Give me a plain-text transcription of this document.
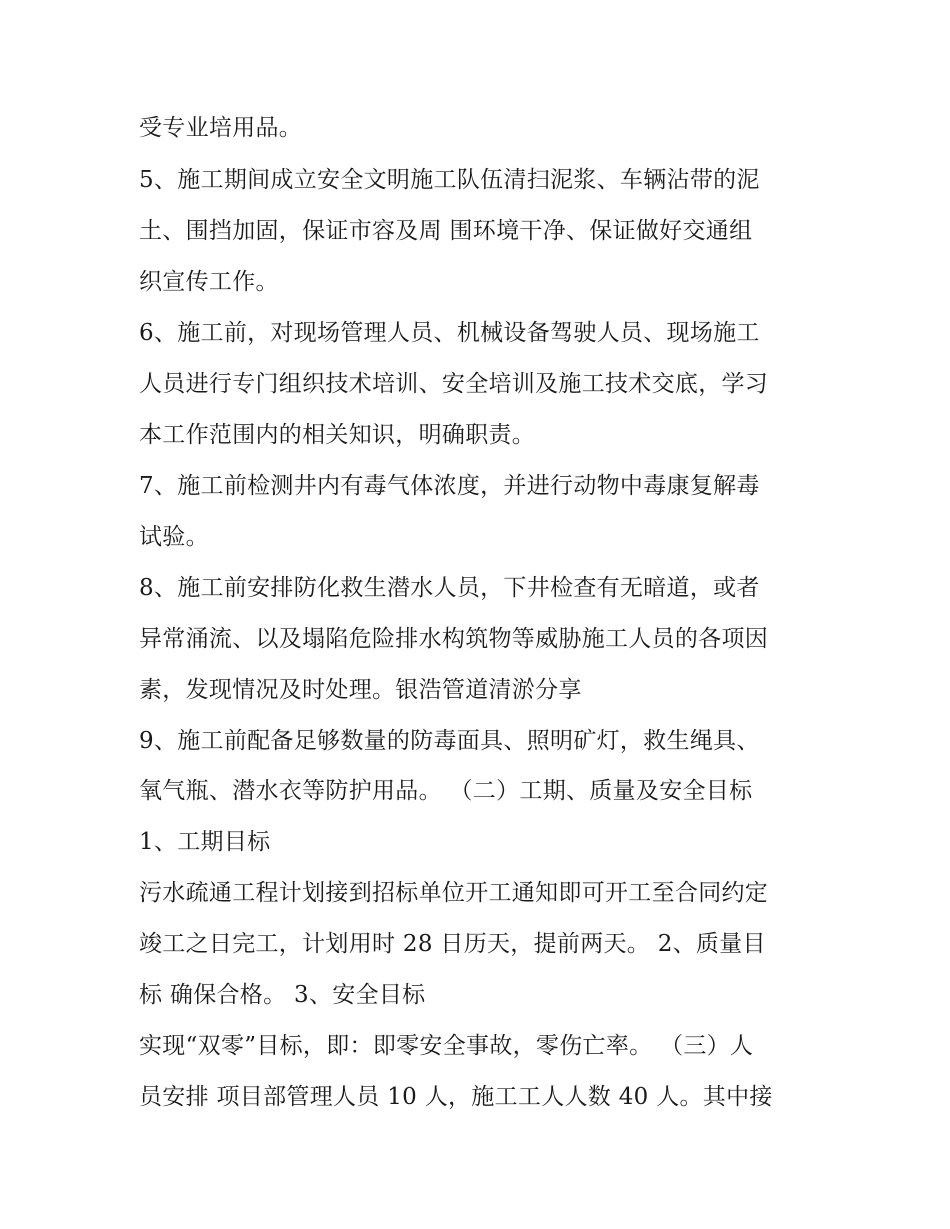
受专业培用品。
5、施工期间成立安全文明施工队伍清扫泥浆、车辆沾带的泥
土、围挡加固，保证市容及周 围环境干净、保证做好交通组
织宣传工作。
6、施工前，对现场管理人员、机械设备驾驶人员、现场施工
人员进行专门组织技术培训、安全培训及施工技术交底，学习
本工作范围内的相关知识，明确职责。
7、施工前检测井内有毒气体浓度，并进行动物中毒康复解毒
试验。
8、施工前安排防化救生潜水人员，下井检查有无暗道，或者
异常涌流、以及塌陷危险排水构筑物等威胁施工人员的各项因
素，发现情况及时处理。银浩管道清淤分享
9、施工前配备足够数量的防毒面具、照明矿灯，救生绳具、
氧气瓶、潜水衣等防护用品。 （二）工期、质量及安全目标
1、工期目标
污水疏通工程计划接到招标单位开工通知即可开工至合同约定
竣工之日完工，计划用时 28 日历天，提前两天。 2、质量目
标 确保合格。 3、安全目标
实现“双零”目标，即：即零安全事故，零伤亡率。 （三）人
员安排 项目部管理人员 10 人，施工工人人数 40 人。其中接
